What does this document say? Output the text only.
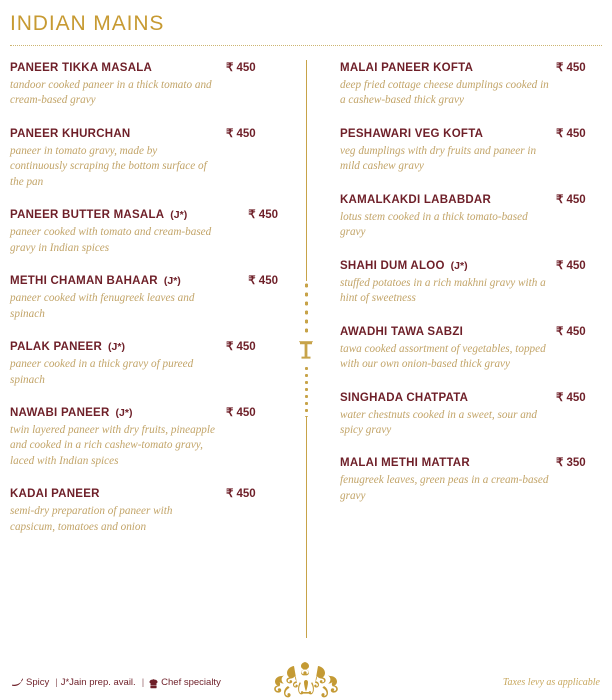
INDIAN MAINS
PANEER TIKKA MASALA	₹ 450
tandoor cooked paneer in a thick tomato and cream-based gravy
PANEER KHURCHAN	₹ 450
paneer in tomato gravy, made by continuously scraping the bottom surface of the pan
PANEER BUTTER MASALA (J*)	₹ 450
paneer cooked with tomato and cream-based gravy in Indian spices
METHI CHAMAN BAHAAR (J*)	₹ 450
paneer cooked with fenugreek leaves and spinach
PALAK PANEER (J*)	₹ 450
paneer cooked in a thick gravy of pureed spinach
NAWABI PANEER (J*)	₹ 450
twin layered paneer with dry fruits, pineapple and cooked in a rich cashew-tomato gravy, laced with Indian spices
KADAI PANEER	₹ 450
semi-dry preparation of paneer with capsicum, tomatoes and onion
MALAI PANEER KOFTA	₹ 450
deep fried cottage cheese dumplings cooked in a cashew-based thick gravy
PESHAWARI VEG KOFTA	₹ 450
veg dumplings with dry fruits and paneer in mild cashew gravy
KAMALKAKDI LABABDAR	₹ 450
lotus stem cooked in a thick tomato-based gravy
SHAHI DUM ALOO (J*)	₹ 450
stuffed potatoes in a rich makhni gravy with a hint of sweetness
AWADHI TAWA SABZI	₹ 450
tawa cooked assortment of vegetables, topped with our own onion-based thick gravy
SINGHADA CHATPATA	₹ 450
water chestnuts cooked in a sweet, sour and spicy gravy
MALAI METHI MATTAR	₹ 350
fenugreek leaves, green peas in a cream-based gravy
Spicy | J*Jain prep. avail. | Chef specialty	Taxes levy as applicable
